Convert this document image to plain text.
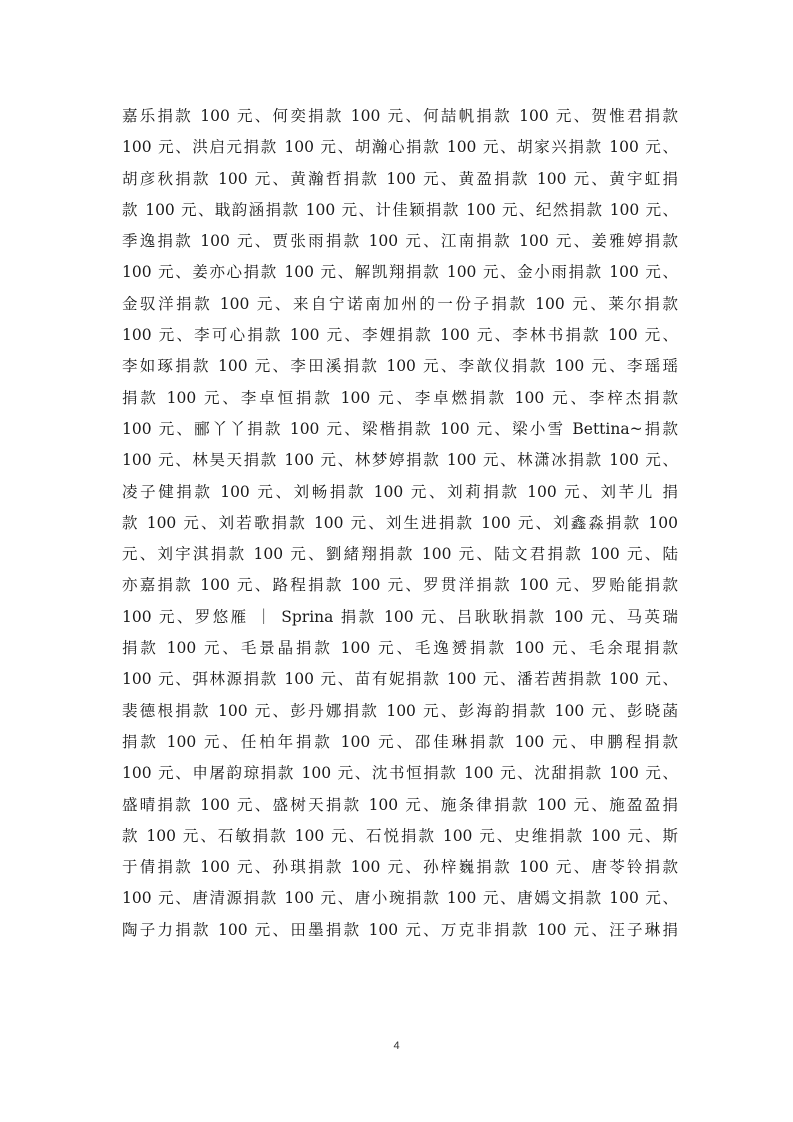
嘉乐捐款 100 元、何奕捐款 100 元、何喆帆捐款 100 元、贺惟君捐款
100 元、洪启元捐款 100 元、胡瀚心捐款 100 元、胡家兴捐款 100 元、
胡彦秋捐款 100 元、黄瀚哲捐款 100 元、黄盈捐款 100 元、黄宇虹捐
款 100 元、戢韵涵捐款 100 元、计佳颖捐款 100 元、纪然捐款 100 元、
季逸捐款 100 元、贾张雨捐款 100 元、江南捐款 100 元、姜雅婷捐款
100 元、姜亦心捐款 100 元、解凯翔捐款 100 元、金小雨捐款 100 元、
金驭洋捐款 100 元、来自宁诺南加州的一份子捐款 100 元、莱尔捐款
100 元、李可心捐款 100 元、李娌捐款 100 元、李林书捐款 100 元、
李如琢捐款 100 元、李田溪捐款 100 元、李歆仪捐款 100 元、李瑶瑶
捐款 100 元、李卓恒捐款 100 元、李卓燃捐款 100 元、李梓杰捐款
100 元、郦丫丫捐款 100 元、梁楷捐款 100 元、梁小雪 Bettina~捐款
100 元、林昊天捐款 100 元、林梦婷捐款 100 元、林潇冰捐款 100 元、
凌子健捐款 100 元、刘畅捐款 100 元、刘莉捐款 100 元、刘芊儿 捐
款 100 元、刘若歌捐款 100 元、刘生进捐款 100 元、刘鑫淼捐款 100
元、刘宇淇捐款 100 元、劉緒翔捐款 100 元、陆文君捐款 100 元、陆
亦嘉捐款 100 元、路程捐款 100 元、罗贯洋捐款 100 元、罗贻能捐款
100 元、罗悠雁 ｜ Sprina 捐款 100 元、吕耿耿捐款 100 元、马英瑞
捐款 100 元、毛景晶捐款 100 元、毛逸赟捐款 100 元、毛余琨捐款
100 元、弭林源捐款 100 元、苗有妮捐款 100 元、潘若茜捐款 100 元、
裴德根捐款 100 元、彭丹娜捐款 100 元、彭海韵捐款 100 元、彭晓菡
捐款 100 元、任柏年捐款 100 元、邵佳琳捐款 100 元、申鹏程捐款
100 元、申屠韵琼捐款 100 元、沈书恒捐款 100 元、沈甜捐款 100 元、
盛晴捐款 100 元、盛树天捐款 100 元、施条律捐款 100 元、施盈盈捐
款 100 元、石敏捐款 100 元、石悦捐款 100 元、史维捐款 100 元、斯
于倩捐款 100 元、孙琪捐款 100 元、孙梓巍捐款 100 元、唐苓铃捐款
100 元、唐清源捐款 100 元、唐小琬捐款 100 元、唐嫣文捐款 100 元、
陶子力捐款 100 元、田墨捐款 100 元、万克非捐款 100 元、汪子琳捐
4
